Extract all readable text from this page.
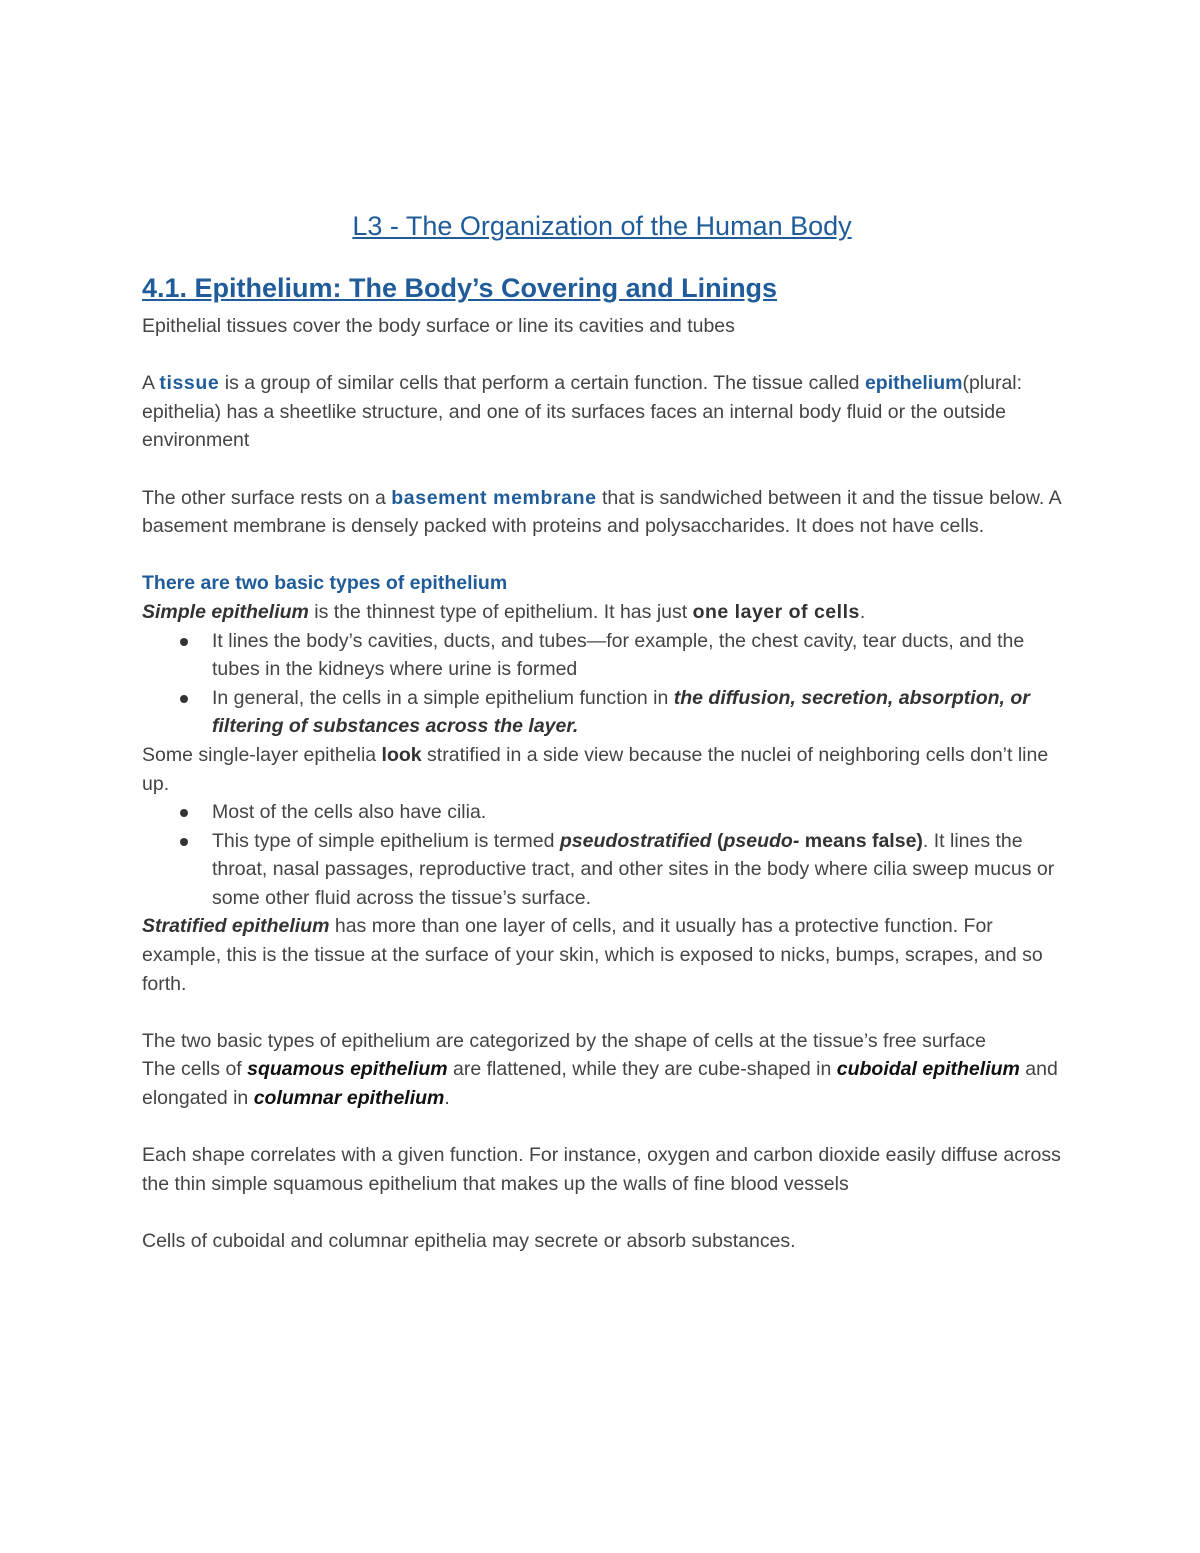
L3 - The Organization of the Human Body
4.1. Epithelium: The Body’s Covering and Linings

Epithelial tissues cover the body surface or line its cavities and tubes

A tissue is a group of similar cells that perform a certain function. The tissue called epithelium(plural: epithelia) has a sheetlike structure, and one of its surfaces faces an internal body fluid or the outside environment

The other surface rests on a basement membrane that is sandwiched between it and the tissue below. A basement membrane is densely packed with proteins and polysaccharides. It does not have cells.

There are two basic types of epithelium

Simple epithelium is the thinnest type of epithelium. It has just one layer of cells.

It lines the body’s cavities, ducts, and tubes—for example, the chest cavity, tear ducts, and the tubes in the kidneys where urine is formed
In general, the cells in a simple epithelium function in the diffusion, secretion, absorption, or filtering of substances across the layer.

Some single-layer epithelia look stratified in a side view because the nuclei of neighboring cells don’t line up.

Most of the cells also have cilia.
This type of simple epithelium is termed pseudostratified (pseudo- means false). It lines the throat, nasal passages, reproductive tract, and other sites in the body where cilia sweep mucus or some other fluid across the tissue’s surface.

Stratified epithelium has more than one layer of cells, and it usually has a protective function. For example, this is the tissue at the surface of your skin, which is exposed to nicks, bumps, scrapes, and so forth.

The two basic types of epithelium are categorized by the shape of cells at the tissue’s free surface

The cells of squamous epithelium are flattened, while they are cube-shaped in cuboidal epithelium and elongated in columnar epithelium.

Each shape correlates with a given function. For instance, oxygen and carbon dioxide easily diffuse across the thin simple squamous epithelium that makes up the walls of fine blood vessels

Cells of cuboidal and columnar epithelia may secrete or absorb substances.
